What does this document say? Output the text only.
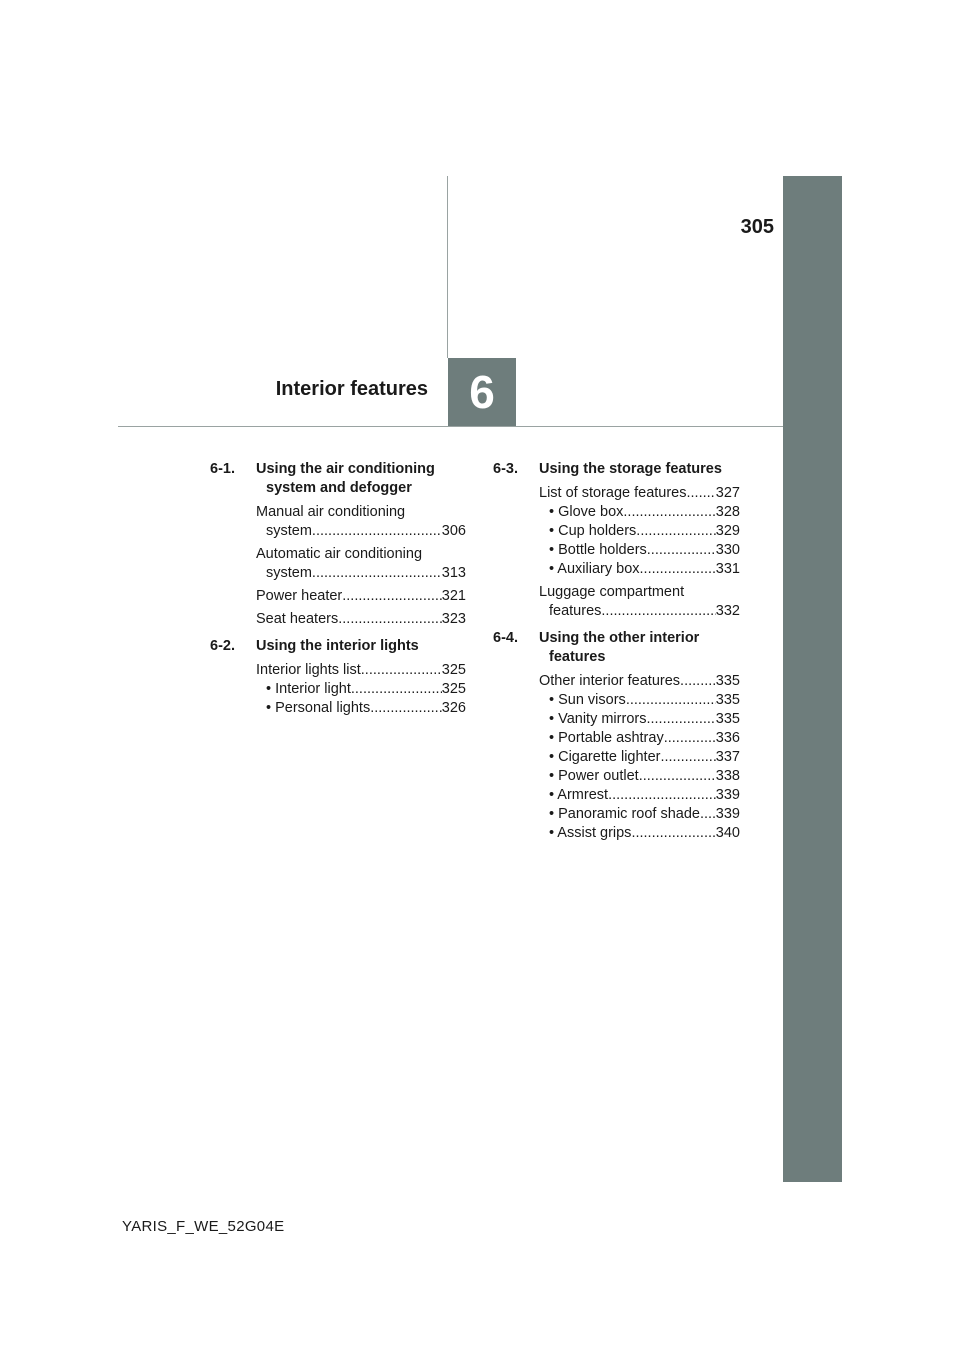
305
6
Interior features
6-1.	Using the air conditioning system and defogger
Manual air conditioning
system .....	306
Automatic air conditioning
system .....	313
Power heater .....	321
Seat heaters .....	323
6-2.	Using the interior lights
Interior lights list .....	325
• Interior light .....	325
• Personal lights .....	326
6-3.	Using the storage features
List of storage features ..... 327
• Glove box .....	328
• Cup holders .....	329
• Bottle holders .....	330
• Auxiliary box .....	331
Luggage compartment
features .....	332
6-4.	Using the other interior features
Other interior features ..... 335
• Sun visors .....	335
• Vanity mirrors .....	335
• Portable ashtray .....	336
• Cigarette lighter .....	337
• Power outlet .....	338
• Armrest .....	339
• Panoramic roof shade ..... 339
• Assist grips .....	340
YARIS_F_WE_52G04E
